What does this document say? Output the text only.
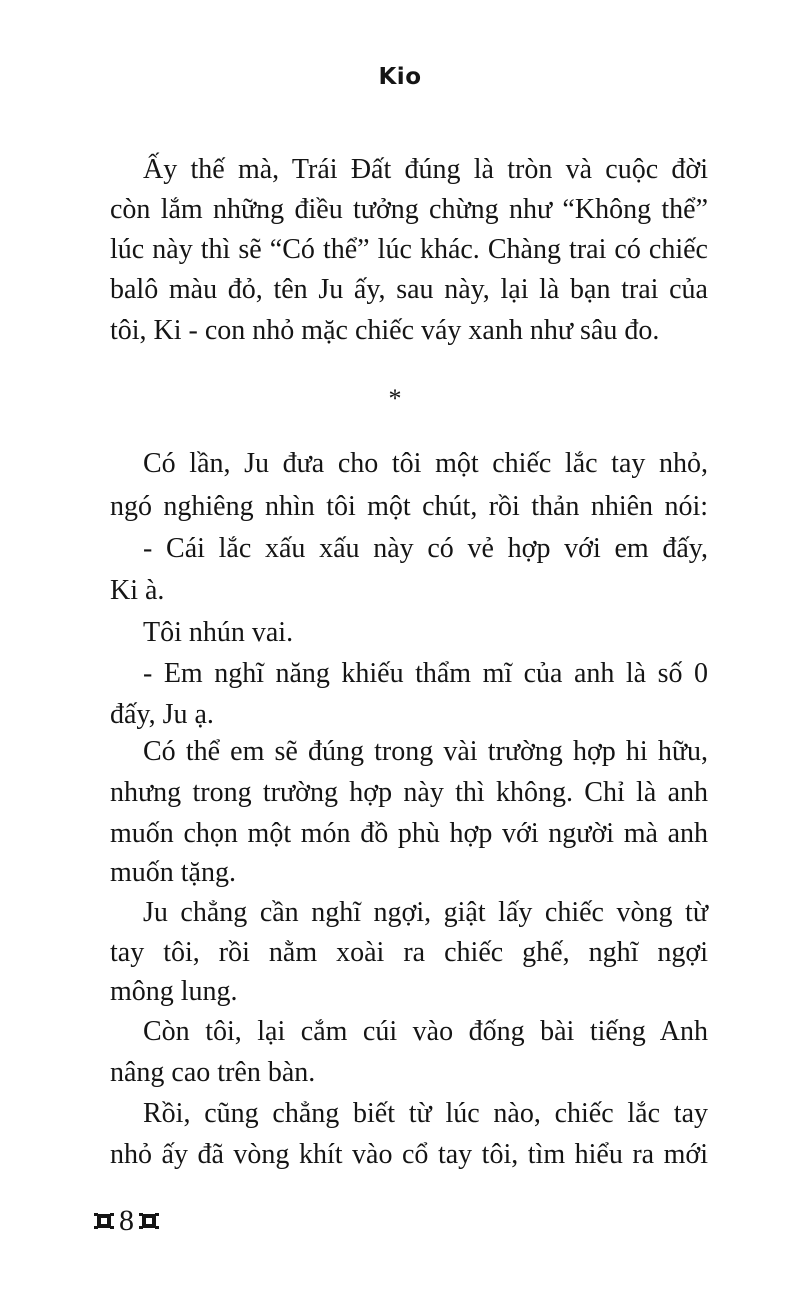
Kio
Ấy thế mà, Trái Đất đúng là tròn và cuộc đời
còn lắm những điều tưởng chừng như “Không thể”
lúc này thì sẽ “Có thể” lúc khác. Chàng trai có chiếc
balô màu đỏ, tên Ju ấy, sau này, lại là bạn trai của
tôi, Ki - con nhỏ mặc chiếc váy xanh như sâu đo.
*
Có lần, Ju đưa cho tôi một chiếc lắc tay nhỏ,
ngó nghiêng nhìn tôi một chút, rồi thản nhiên nói:
- Cái lắc xấu xấu này có vẻ hợp với em đấy,
Ki à.
Tôi nhún vai.
- Em nghĩ năng khiếu thẩm mĩ của anh là số 0
đấy, Ju ạ.
Có thể em sẽ đúng trong vài trường hợp hi hữu,
nhưng trong trường hợp này thì không. Chỉ là anh
muốn chọn một món đồ phù hợp với người mà anh
muốn tặng.
Ju chẳng cần nghĩ ngợi, giật lấy chiếc vòng từ
tay tôi, rồi nằm xoài ra chiếc ghế, nghĩ ngợi
mông lung.
Còn tôi, lại cắm cúi vào đống bài tiếng Anh
nâng cao trên bàn.
Rồi, cũng chẳng biết từ lúc nào, chiếc lắc tay
nhỏ ấy đã vòng khít vào cổ tay tôi, tìm hiểu ra mới
8
